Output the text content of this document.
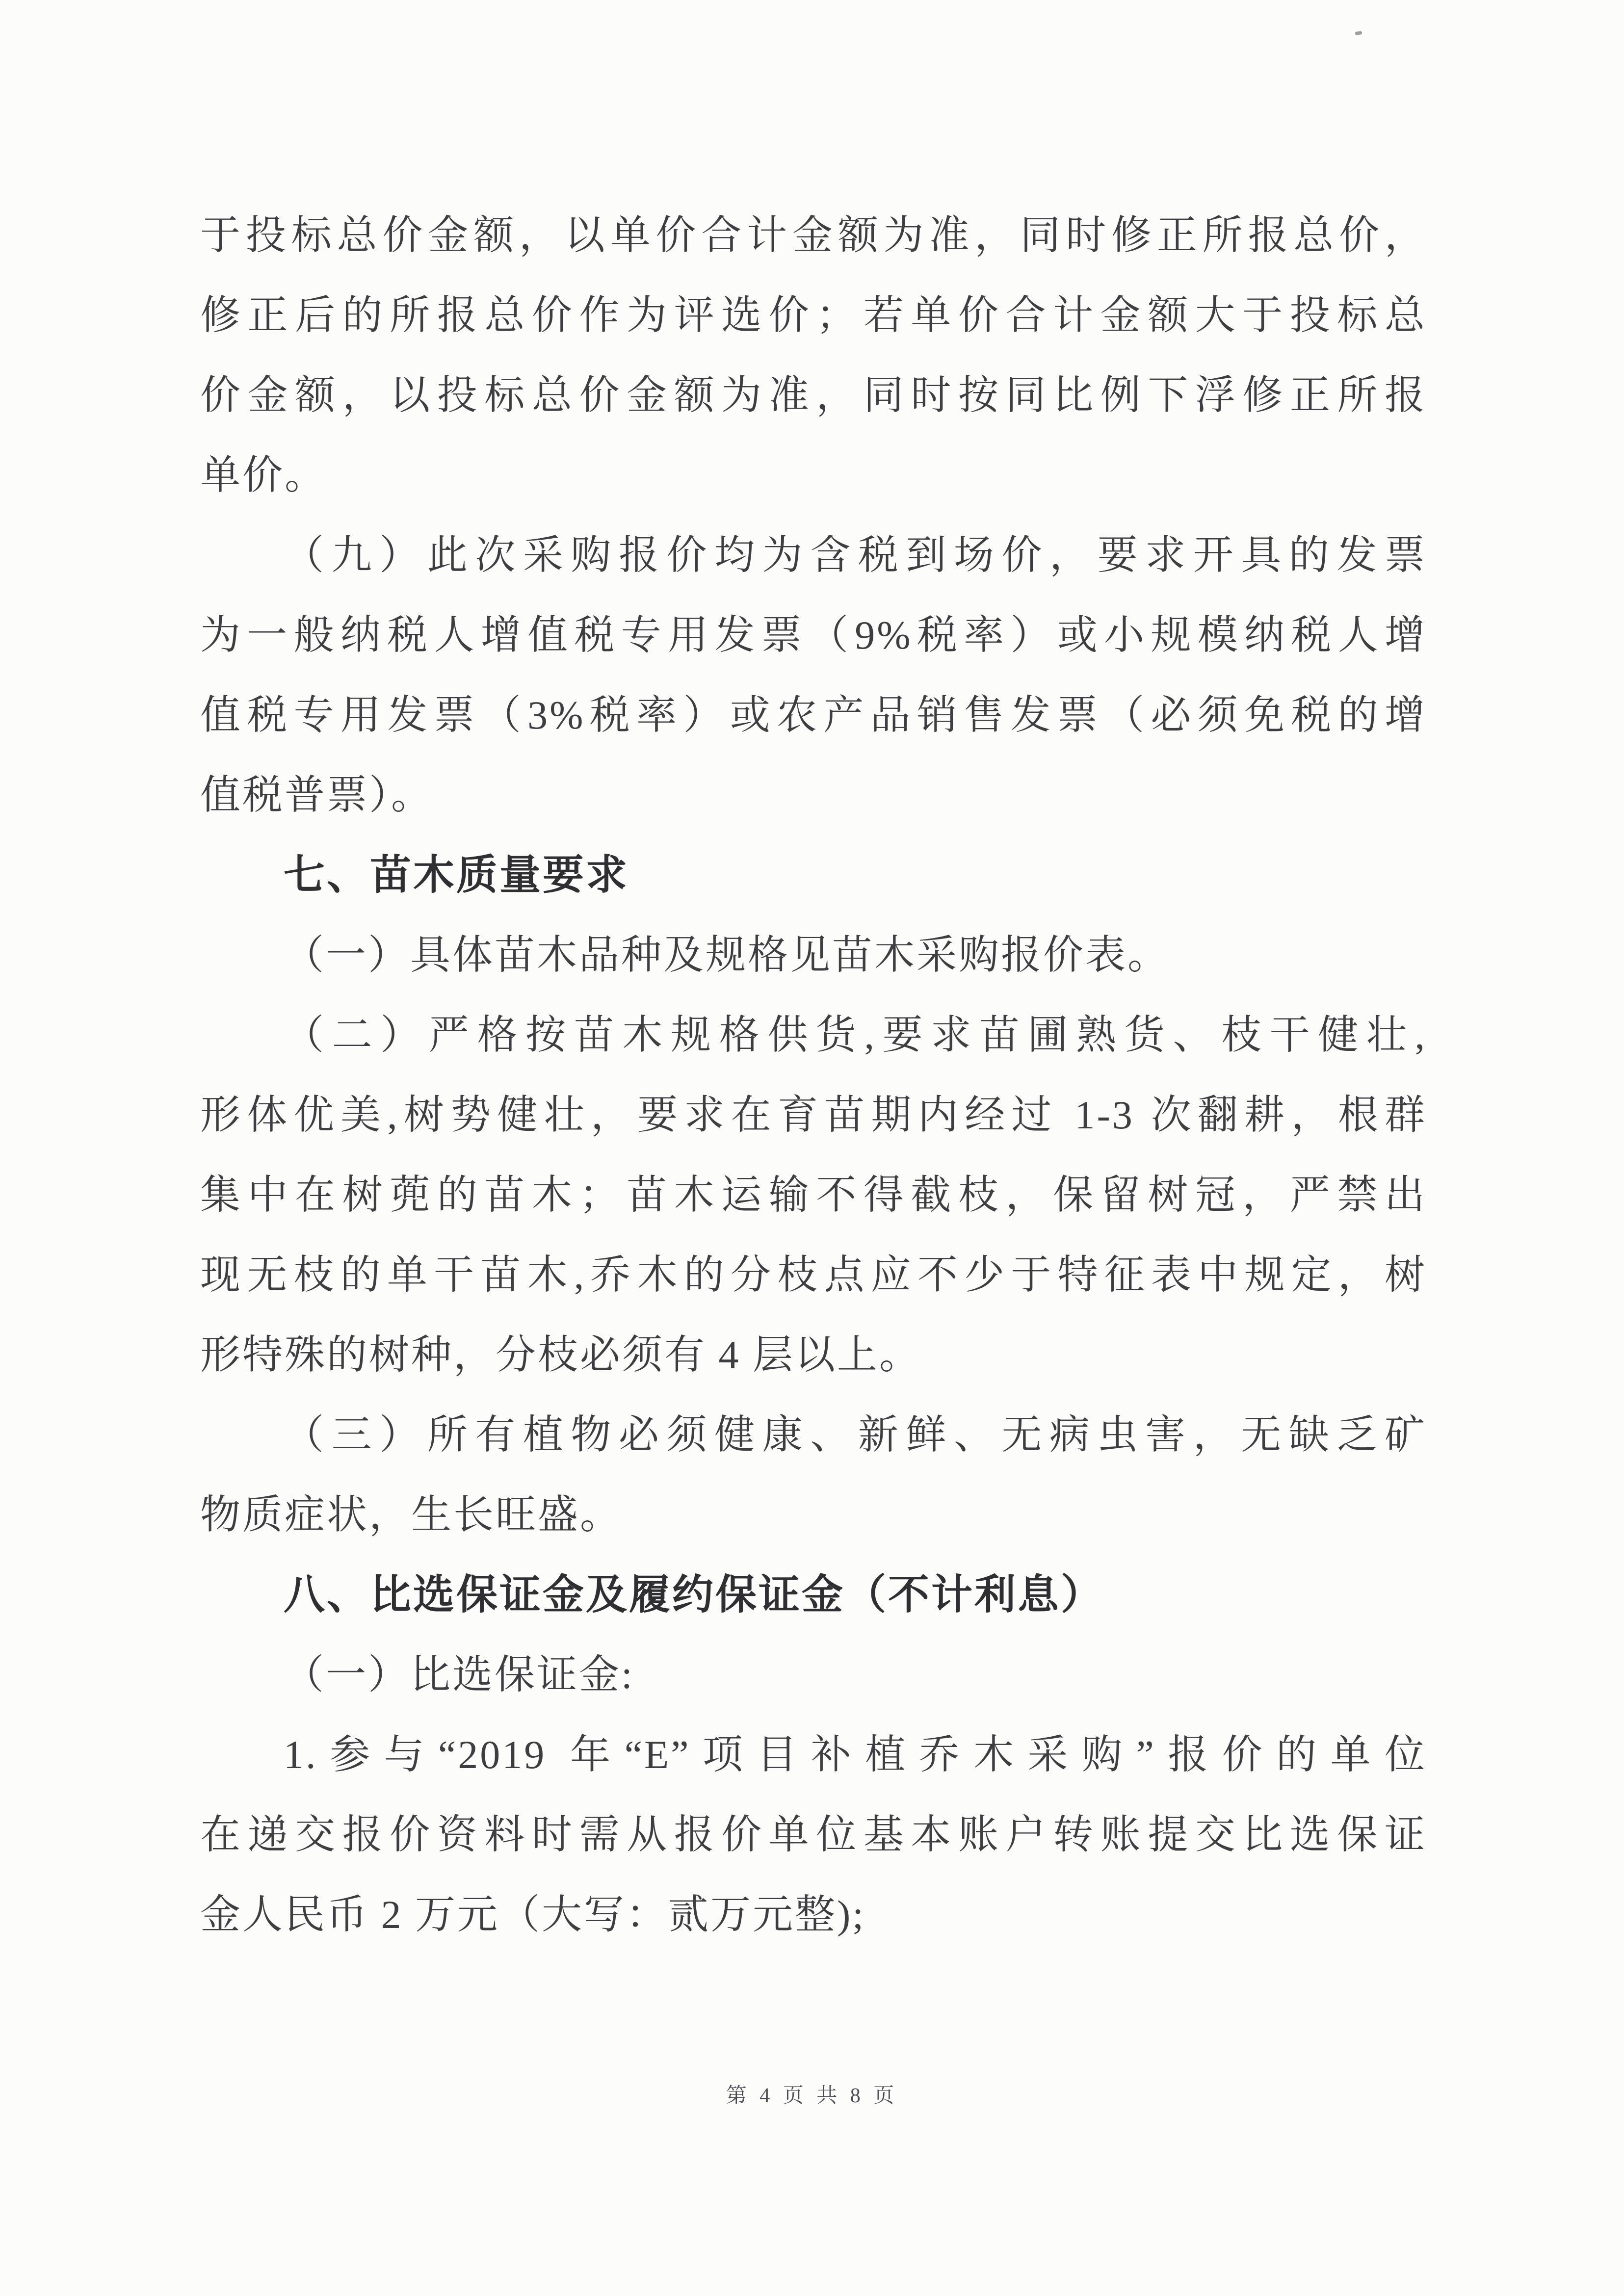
于投标总价金额，以单价合计金额为准，同时修正所报总价，
修正后的所报总价作为评选价；若单价合计金额大于投标总
价金额，以投标总价金额为准，同时按同比例下浮修正所报
单价。
（九）此次采购报价均为含税到场价，要求开具的发票
为一般纳税人增值税专用发票（9%税率）或小规模纳税人增
值税专用发票（3%税率）或农产品销售发票（必须免税的增
值税普票）。
七、苗木质量要求
（一）具体苗木品种及规格见苗木采购报价表。
（二）严格按苗木规格供货,要求苗圃熟货、枝干健壮,
形体优美,树势健壮，要求在育苗期内经过 1-3 次翻耕，根群
集中在树蔸的苗木；苗木运输不得截枝，保留树冠，严禁出
现无枝的单干苗木,乔木的分枝点应不少于特征表中规定，树
形特殊的树种，分枝必须有 4 层以上。
（三）所有植物必须健康、新鲜、无病虫害，无缺乏矿
物质症状，生长旺盛。
八、比选保证金及履约保证金（不计利息）
（一）比选保证金:
1.参与“2019 年“E”项目补植乔木采购”报价的单位
在递交报价资料时需从报价单位基本账户转账提交比选保证
金人民币 2 万元（大写：贰万元整);
第 4 页 共 8 页
